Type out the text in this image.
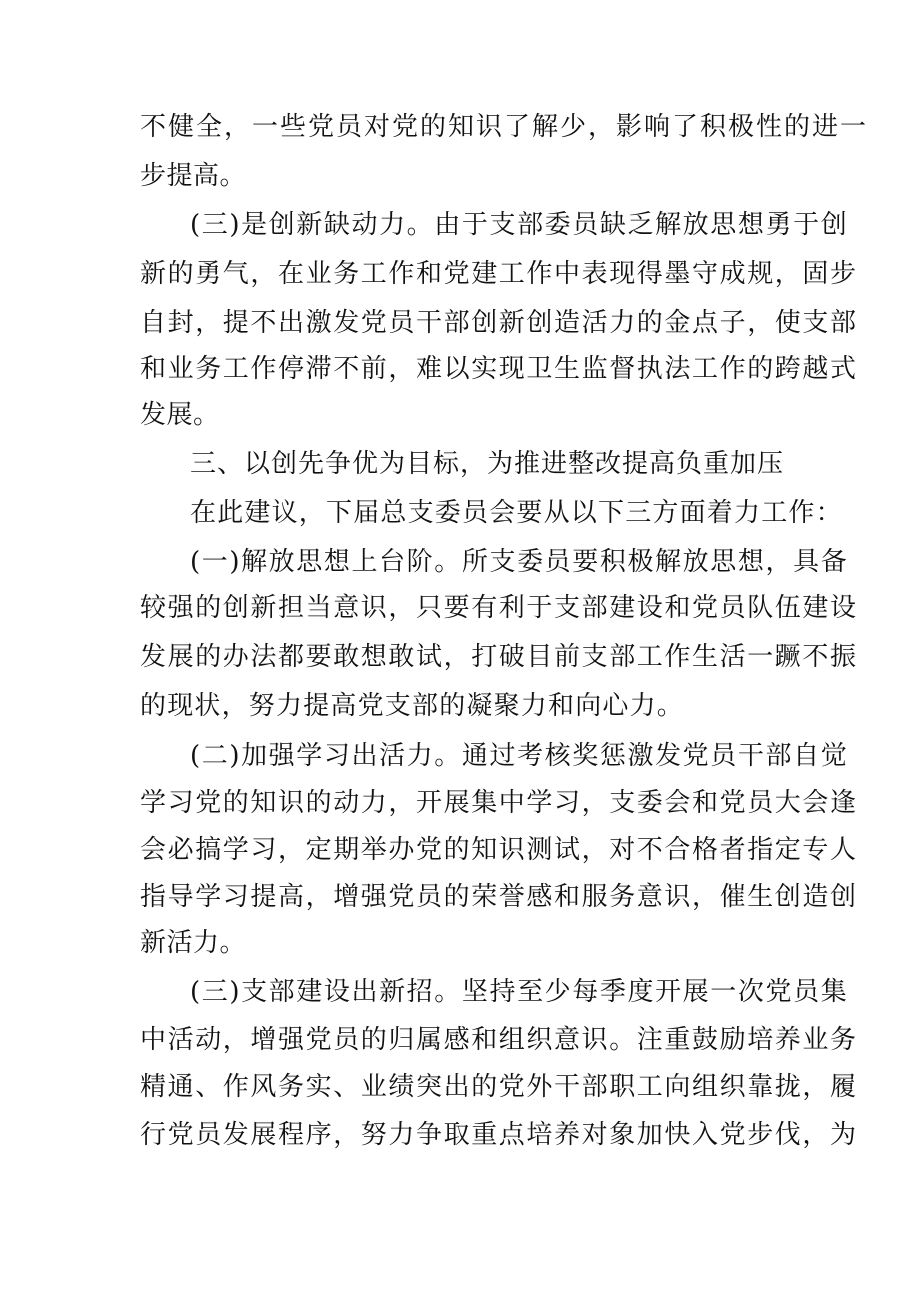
不健全，一些党员对党的知识了解少，影响了积极性的进一
步提高。
(三)是创新缺动力。由于支部委员缺乏解放思想勇于创
新的勇气，在业务工作和党建工作中表现得墨守成规，固步
自封，提不出激发党员干部创新创造活力的金点子，使支部
和业务工作停滞不前，难以实现卫生监督执法工作的跨越式
发展。
三、以创先争优为目标，为推进整改提高负重加压
在此建议，下届总支委员会要从以下三方面着力工作：
(一)解放思想上台阶。所支委员要积极解放思想，具备
较强的创新担当意识，只要有利于支部建设和党员队伍建设
发展的办法都要敢想敢试，打破目前支部工作生活一蹶不振
的现状，努力提高党支部的凝聚力和向心力。
(二)加强学习出活力。通过考核奖惩激发党员干部自觉
学习党的知识的动力，开展集中学习，支委会和党员大会逢
会必搞学习，定期举办党的知识测试，对不合格者指定专人
指导学习提高，增强党员的荣誉感和服务意识，催生创造创
新活力。
(三)支部建设出新招。坚持至少每季度开展一次党员集
中活动，增强党员的归属感和组织意识。注重鼓励培养业务
精通、作风务实、业绩突出的党外干部职工向组织靠拢，履
行党员发展程序，努力争取重点培养对象加快入党步伐，为
